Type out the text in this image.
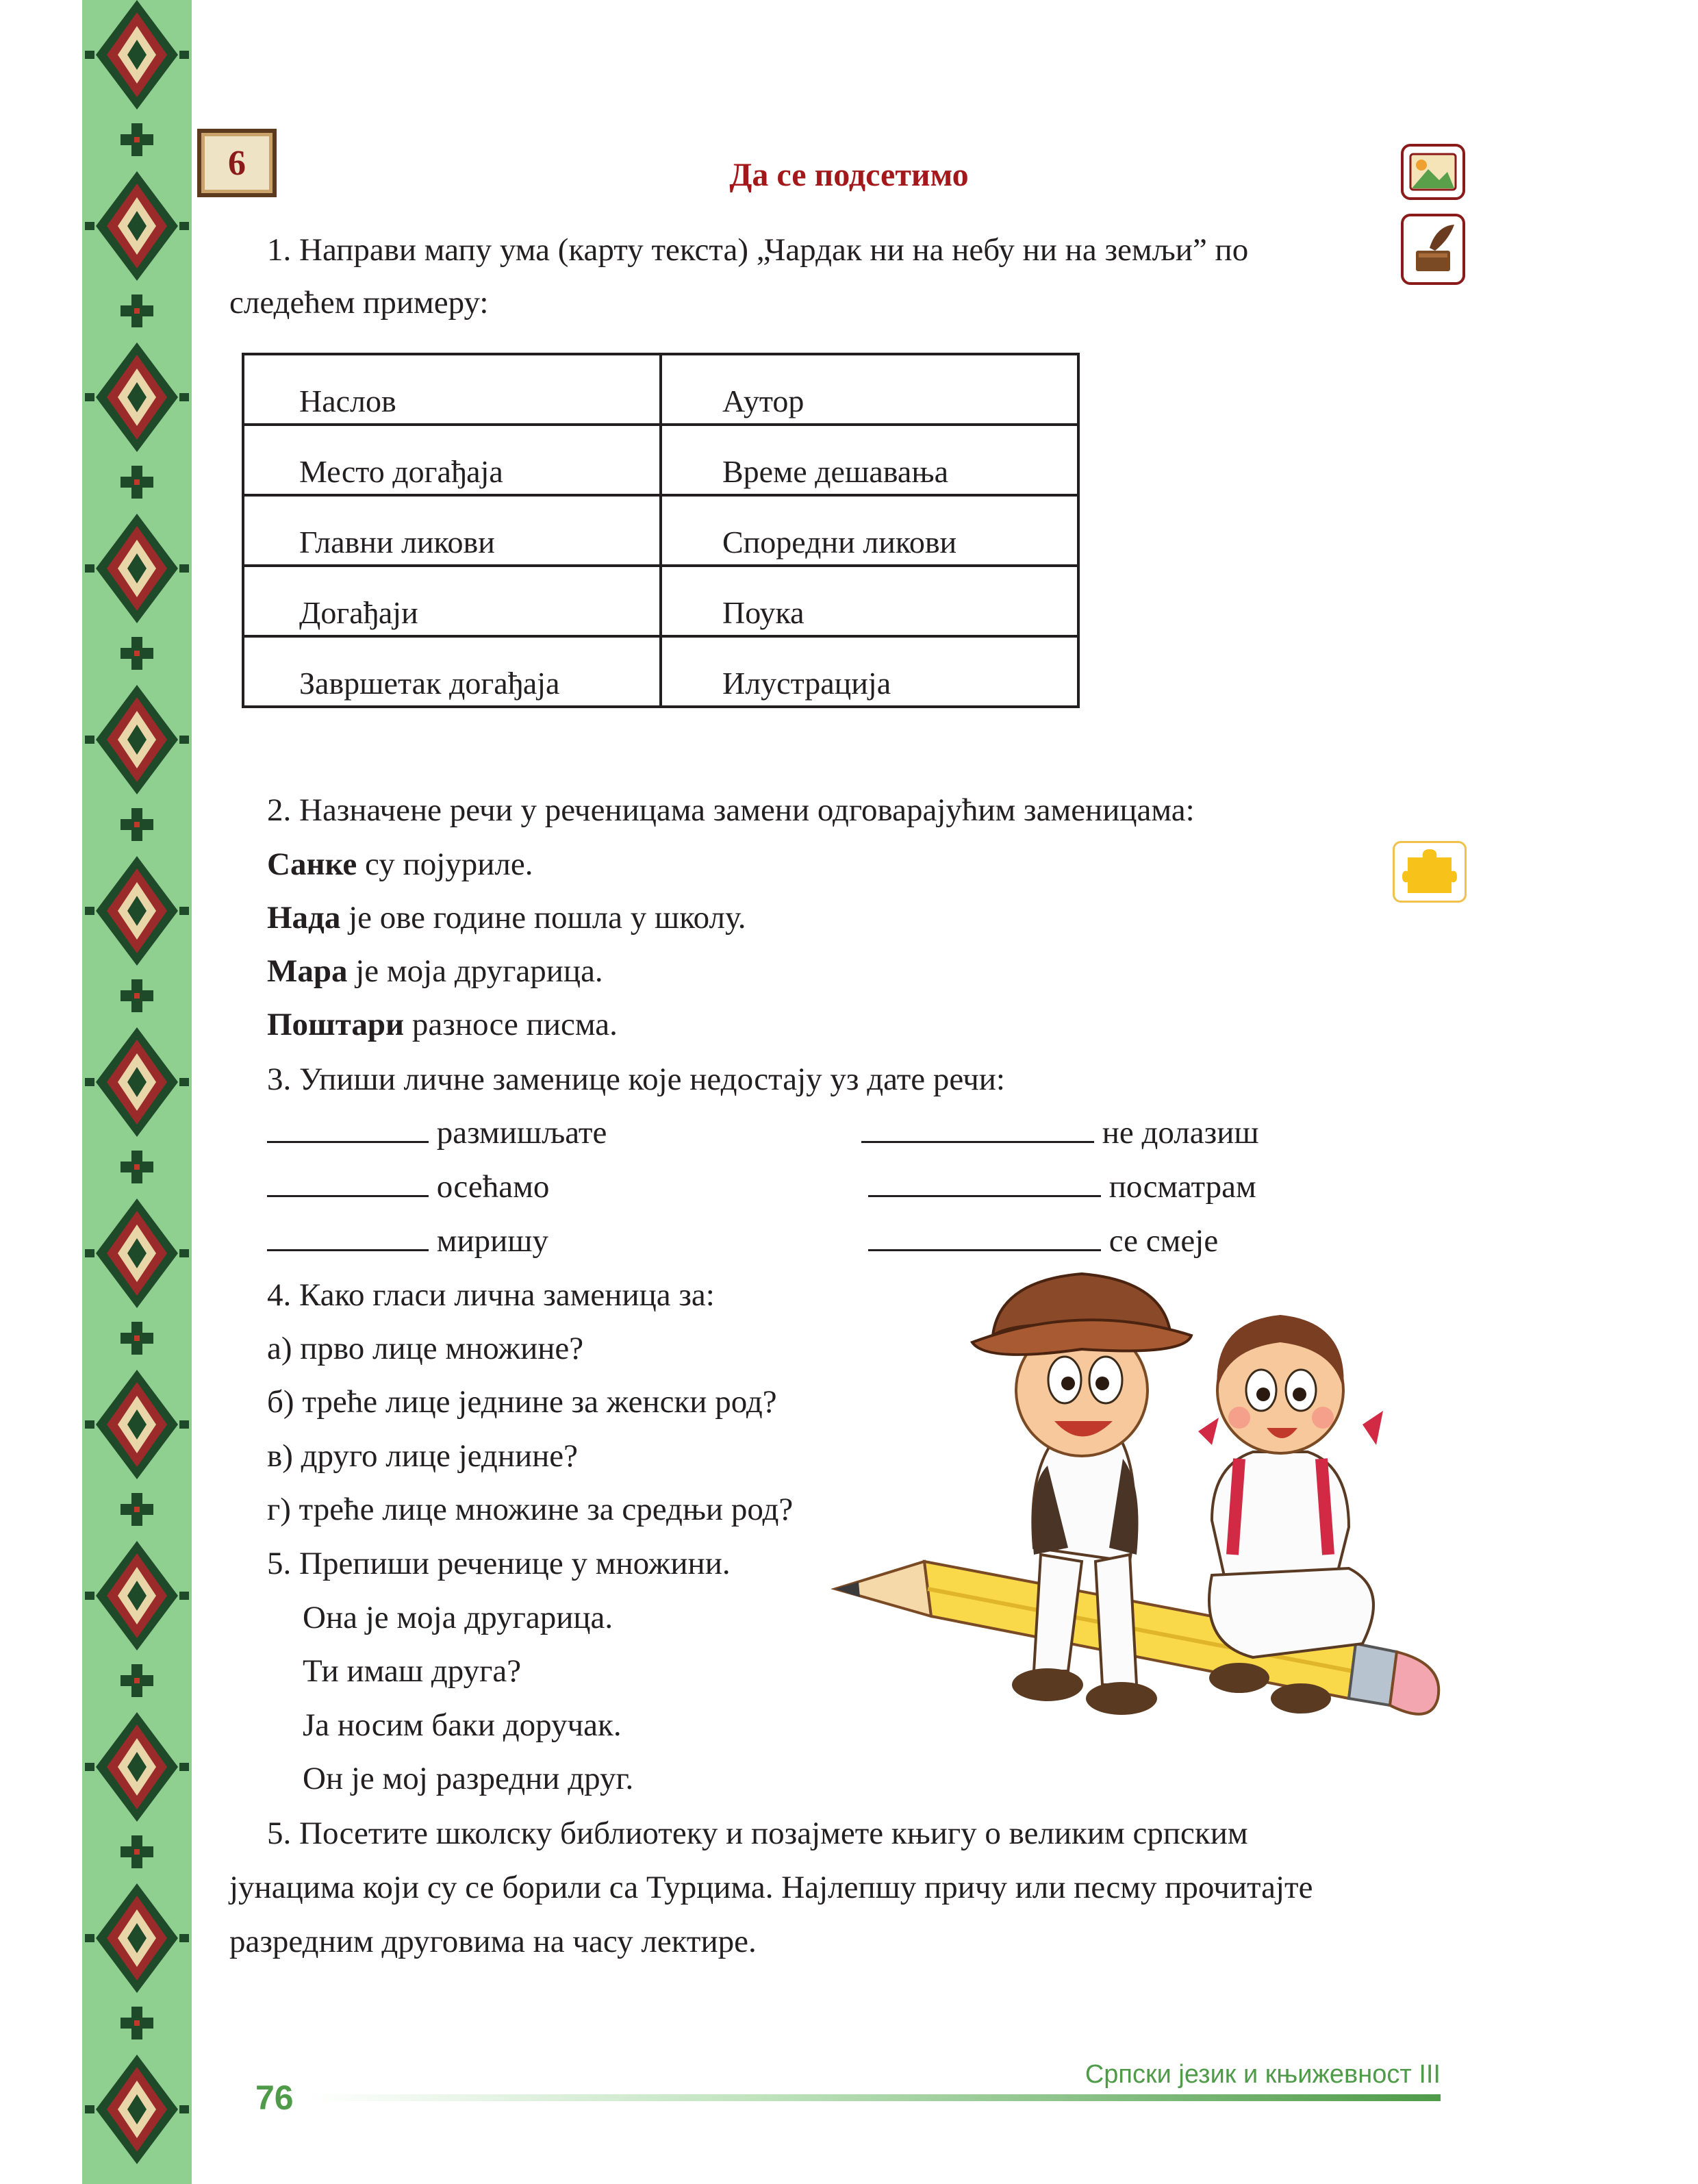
6	Да се подсетимо
1. Направи мапу ума (карту текста) „Чардак ни на небу ни на земљи” по
следећем примеру:
Наслов	Аутор
Место догађаја	Време дешавања
Главни ликови	Споредни ликови
Догађаји	Поука
Завршетак догађаја	Илустрација
2. Назначене речи у реченицама замени одговарајућим заменицама:
Санке су појуриле.
Нада је ове године пошла у школу.
Мара је моја другарица.
Поштари разносе писма.
3. Упиши личне заменице које недостају уз дате речи:
размишљате
осећамо
миришу
не долазиш
посматрам
се смеје
4. Како гласи лична заменица за:
а) прво лице множине?
б) треће лице једнине за женски род?
в) друго лице једнине?
г) треће лице множине за средњи род?
5. Препиши реченице у множини.
Она је моја другарица.
Ти имаш друга?
Ја носим баки доручак.
Он је мој разредни друг.
5. Посетите школску библиотеку и позајмете књигу о великим српским
јунацима који су се борили са Турцима. Најлепшу причу или песму прочитајте
разредним друговима на часу лектире.
76
Српски језик и књижевност III
